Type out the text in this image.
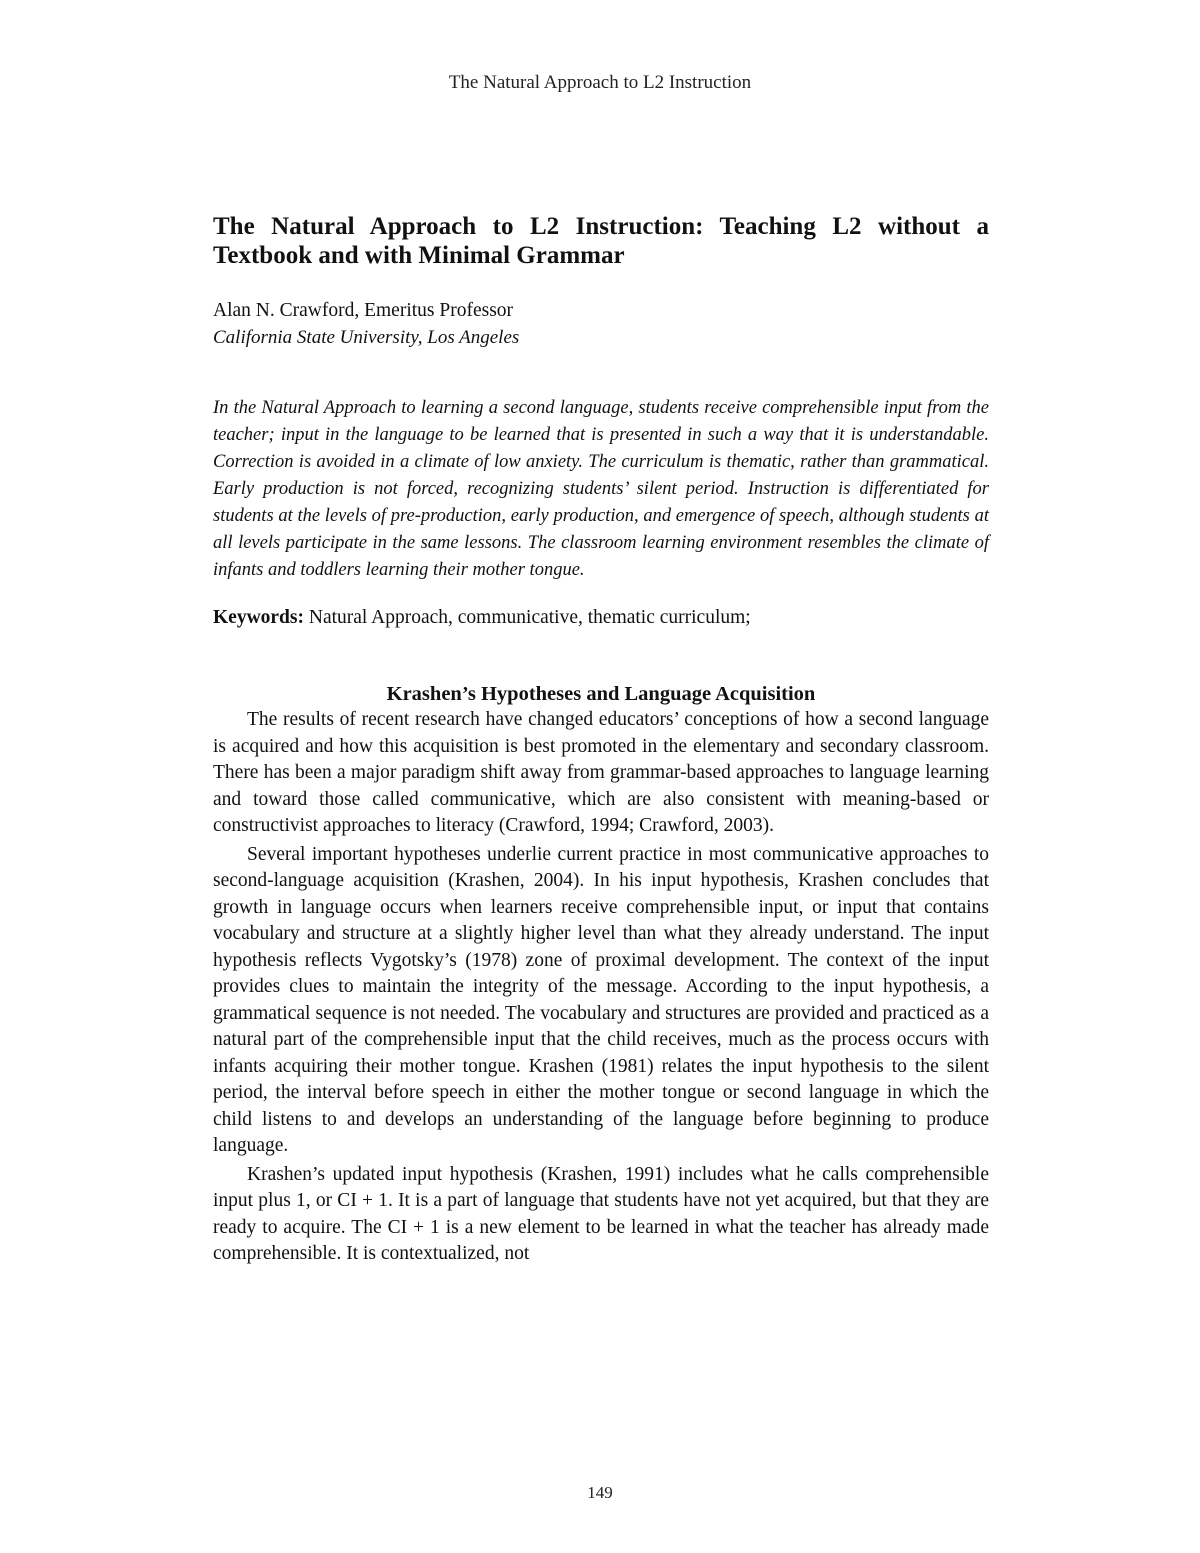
The Natural Approach to L2 Instruction
The Natural Approach to L2 Instruction: Teaching L2 without a Textbook and with Minimal Grammar
Alan N. Crawford, Emeritus Professor
California State University, Los Angeles
In the Natural Approach to learning a second language, students receive comprehensible input from the teacher; input in the language to be learned that is presented in such a way that it is understandable. Correction is avoided in a climate of low anxiety. The curriculum is thematic, rather than grammatical. Early production is not forced, recognizing students’ silent period. Instruction is differentiated for students at the levels of pre-production, early production, and emergence of speech, although students at all levels participate in the same lessons. The classroom learning environment resembles the climate of infants and toddlers learning their mother tongue.
Keywords: Natural Approach, communicative, thematic curriculum;
Krashen’s Hypotheses and Language Acquisition

The results of recent research have changed educators’ conceptions of how a second language is acquired and how this acquisition is best promoted in the elementary and secondary classroom. There has been a major paradigm shift away from grammar-based approaches to language learning and toward those called communicative, which are also consistent with meaning-based or constructivist approaches to literacy (Crawford, 1994; Crawford, 2003).

Several important hypotheses underlie current practice in most communicative approaches to second-language acquisition (Krashen, 2004). In his input hypothesis, Krashen concludes that growth in language occurs when learners receive comprehensible input, or input that contains vocabulary and structure at a slightly higher level than what they already understand. The input hypothesis reflects Vygotsky’s (1978) zone of proximal development. The context of the input provides clues to maintain the integrity of the message. According to the input hypothesis, a grammatical sequence is not needed. The vocabulary and structures are provided and practiced as a natural part of the comprehensible input that the child receives, much as the process occurs with infants acquiring their mother tongue. Krashen (1981) relates the input hypothesis to the silent period, the interval before speech in either the mother tongue or second language in which the child listens to and develops an understanding of the language before beginning to produce language.

Krashen’s updated input hypothesis (Krashen, 1991) includes what he calls comprehensible input plus 1, or CI + 1. It is a part of language that students have not yet acquired, but that they are ready to acquire. The CI + 1 is a new element to be learned in what the teacher has already made comprehensible. It is contextualized, not

149
